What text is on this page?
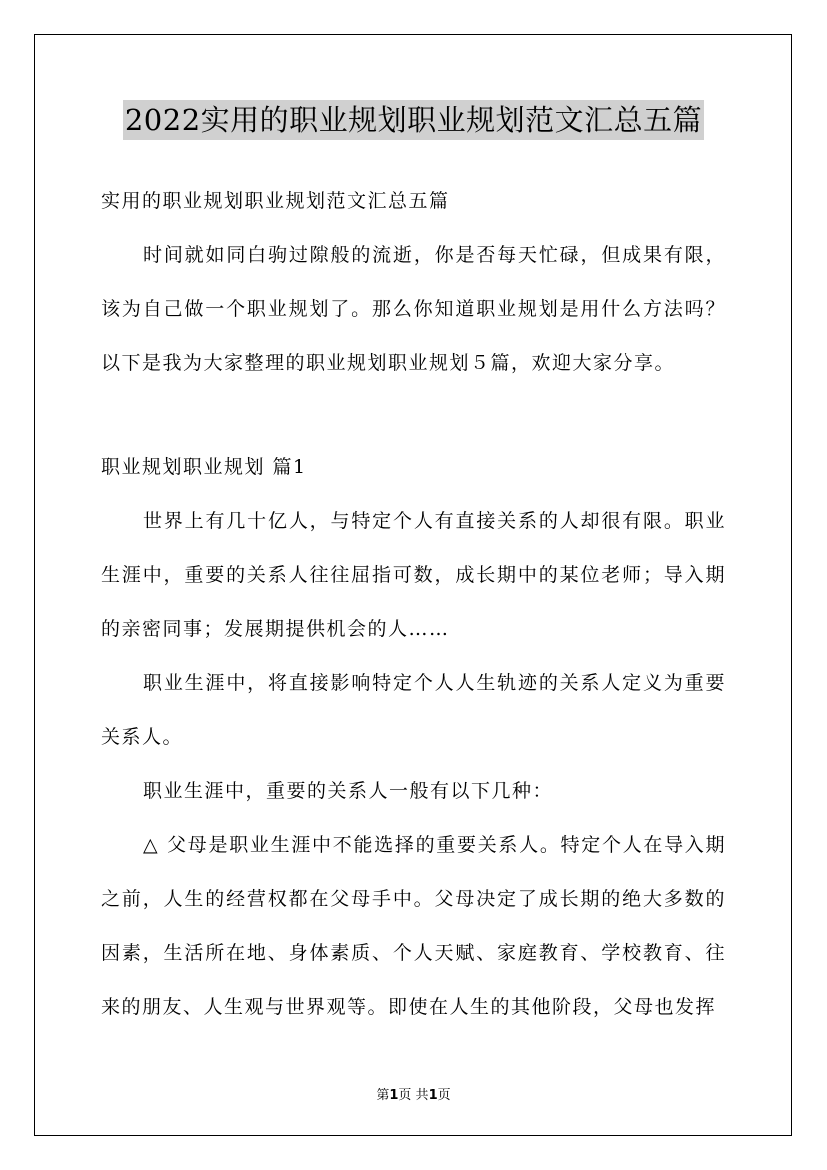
2022实用的职业规划职业规划范文汇总五篇

实用的职业规划职业规划范文汇总五篇

时间就如同白驹过隙般的流逝，你是否每天忙碌，但成果有限，该为自己做一个职业规划了。那么你知道职业规划是用什么方法吗？以下是我为大家整理的职业规划职业规划５篇，欢迎大家分享。

职业规划职业规划 篇1

世界上有几十亿人，与特定个人有直接关系的人却很有限。职业生涯中，重要的关系人往往屈指可数，成长期中的某位老师；导入期的亲密同事；发展期提供机会的人……

职业生涯中，将直接影响特定个人人生轨迹的关系人定义为重要关系人。

职业生涯中，重要的关系人一般有以下几种：

△ 父母是职业生涯中不能选择的重要关系人。特定个人在导入期之前，人生的经营权都在父母手中。父母决定了成长期的绝大多数的因素，生活所在地、身体素质、个人天赋、家庭教育、学校教育、往来的朋友、人生观与世界观等。即使在人生的其他阶段，父母也发挥

第1页 共1页
